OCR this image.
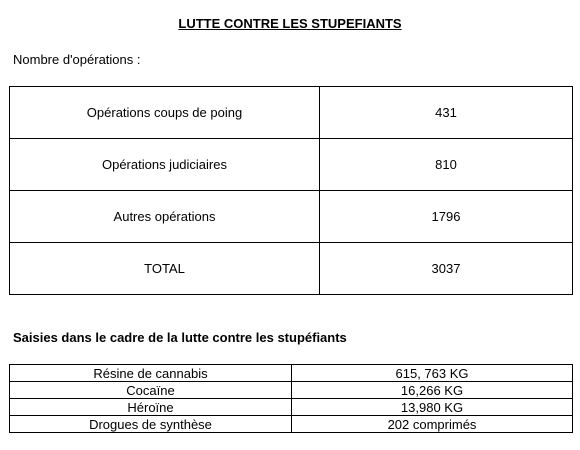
LUTTE CONTRE LES STUPEFIANTS
Nombre d'opérations :
Opérations coups de poing	431
Opérations judiciaires	810
Autres opérations	1796
TOTAL	3037
Saisies dans le cadre de la lutte contre les stupéfiants
Résine de cannabis	615, 763 KG
Cocaïne	16,266 KG
Héroïne	13,980 KG
Drogues de synthèse	202 comprimés
